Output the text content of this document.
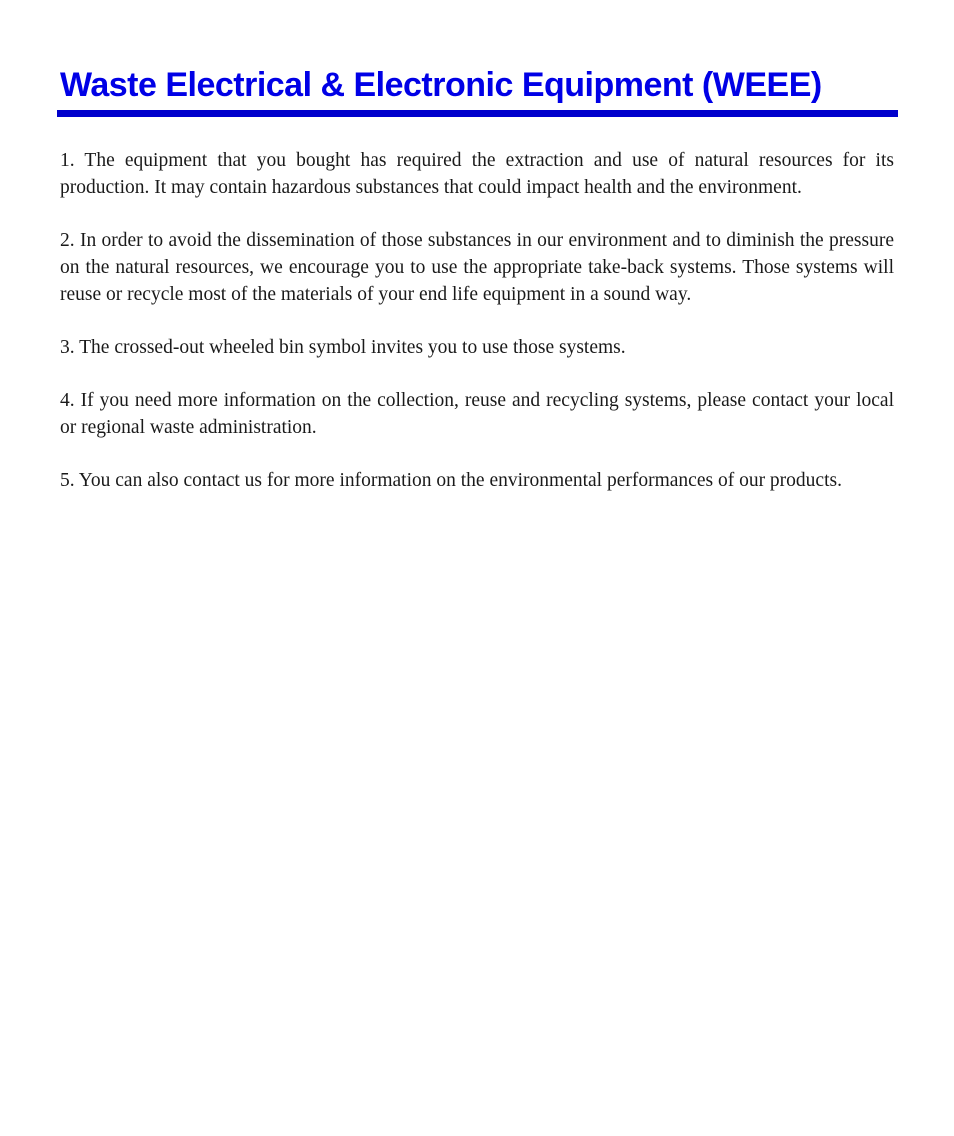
Waste Electrical & Electronic Equipment (WEEE)

1. The equipment that you bought has required the extraction and use of natural resources for its production. It may contain hazardous substances that could impact health and the environment.

2. In order to avoid the dissemination of those substances in our environment and to diminish the pressure on the natural resources, we encourage you to use the appropriate take-back systems. Those systems will reuse or recycle most of the materials of your end life equipment in a sound way.

3. The crossed-out wheeled bin symbol invites you to use those systems.

4. If you need more information on the collection, reuse and recycling systems, please contact your local or regional waste administration.

5. You can also contact us for more information on the environmental performances of our products.
